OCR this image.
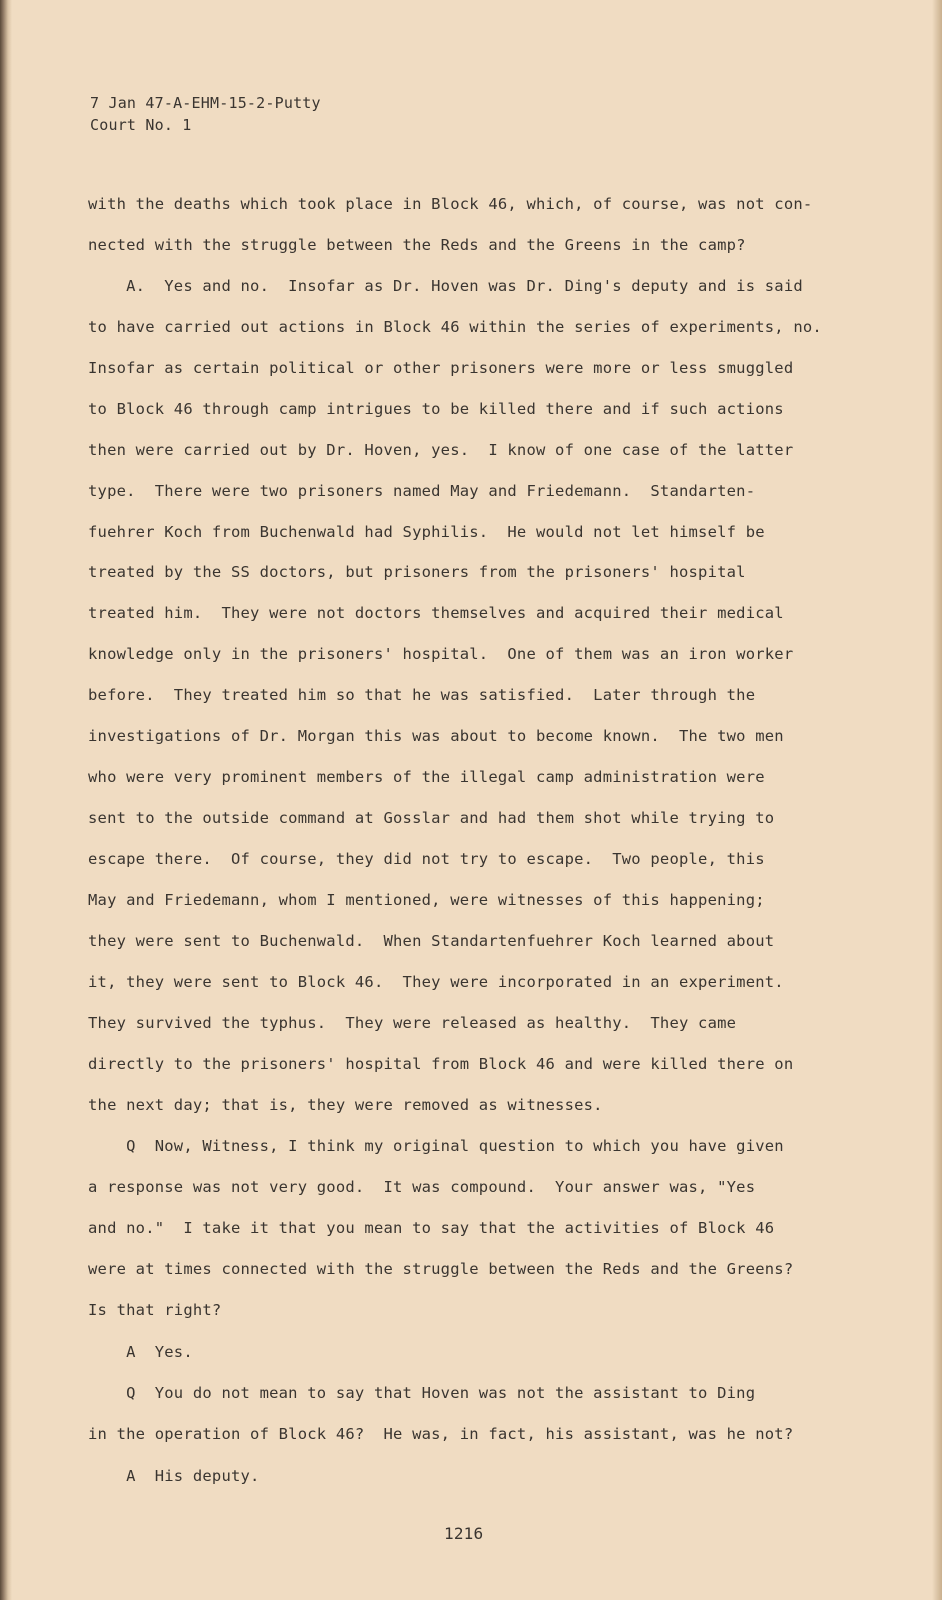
7 Jan 47-A-EHM-15-2-Putty
Court No. 1
with the deaths which took place in Block 46, which, of course, was not con-
nected with the struggle between the Reds and the Greens in the camp?
A.  Yes and no.  Insofar as Dr. Hoven was Dr. Ding's deputy and is said
to have carried out actions in Block 46 within the series of experiments, no.
Insofar as certain political or other prisoners were more or less smuggled
to Block 46 through camp intrigues to be killed there and if such actions
then were carried out by Dr. Hoven, yes.  I know of one case of the latter
type.  There were two prisoners named May and Friedemann.  Standarten-
fuehrer Koch from Buchenwald had Syphilis.  He would not let himself be
treated by the SS doctors, but prisoners from the prisoners' hospital
treated him.  They were not doctors themselves and acquired their medical
knowledge only in the prisoners' hospital.  One of them was an iron worker
before.  They treated him so that he was satisfied.  Later through the
investigations of Dr. Morgan this was about to become known.  The two men
who were very prominent members of the illegal camp administration were
sent to the outside command at Gosslar and had them shot while trying to
escape there.  Of course, they did not try to escape.  Two people, this
May and Friedemann, whom I mentioned, were witnesses of this happening;
they were sent to Buchenwald.  When Standartenfuehrer Koch learned about
it, they were sent to Block 46.  They were incorporated in an experiment.
They survived the typhus.  They were released as healthy.  They came
directly to the prisoners' hospital from Block 46 and were killed there on
the next day; that is, they were removed as witnesses.
Q  Now, Witness, I think my original question to which you have given
a response was not very good.  It was compound.  Your answer was, "Yes
and no."  I take it that you mean to say that the activities of Block 46
were at times connected with the struggle between the Reds and the Greens?
Is that right?
A  Yes.
Q  You do not mean to say that Hoven was not the assistant to Ding
in the operation of Block 46?  He was, in fact, his assistant, was he not?
A  His deputy.
1216
